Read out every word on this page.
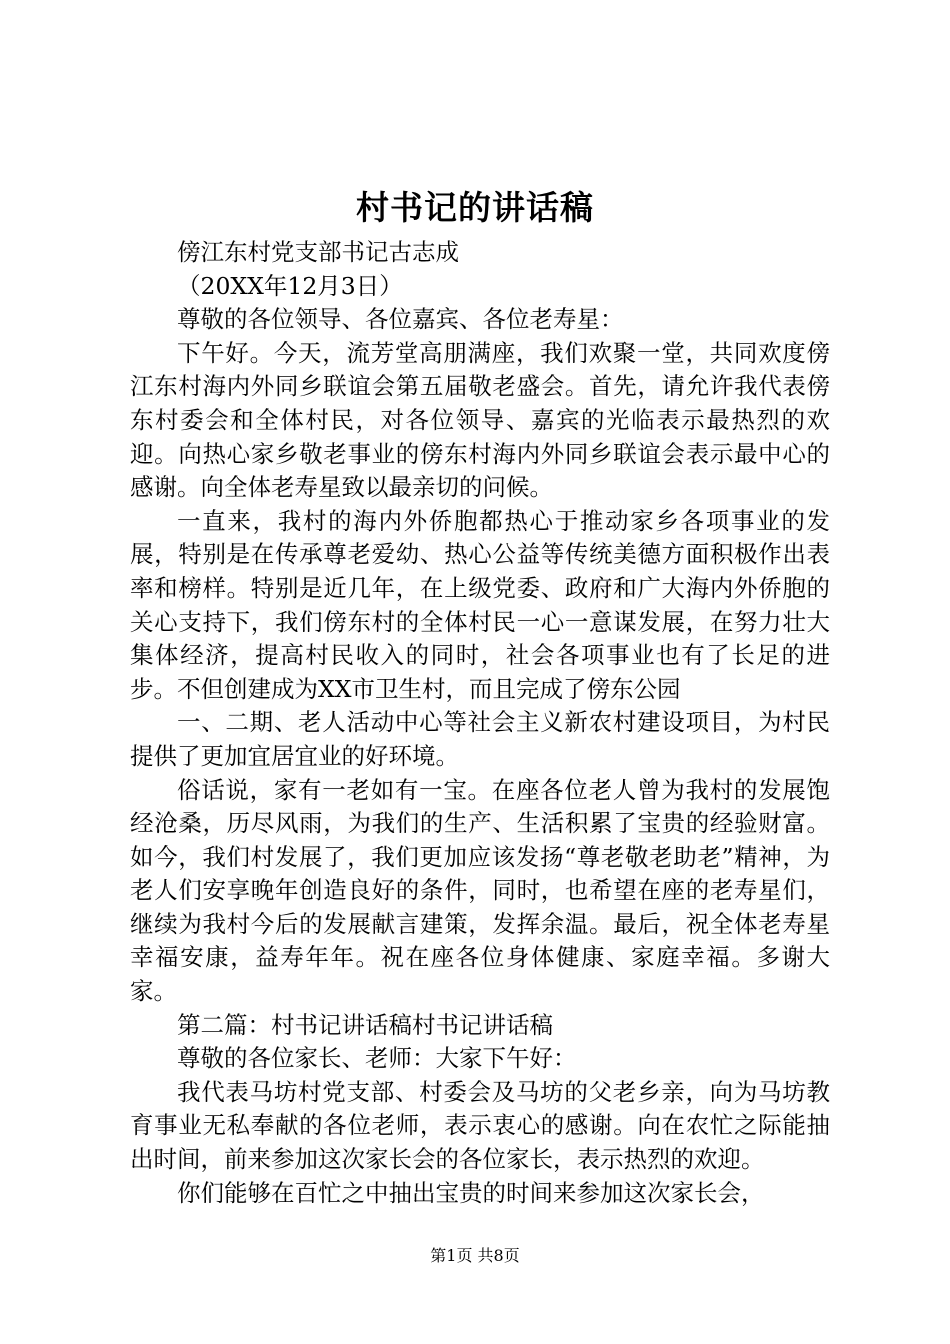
村书记的讲话稿

傍江东村党支部书记古志成

（20XX年12月3日）

尊敬的各位领导、各位嘉宾、各位老寿星：

下午好。今天，流芳堂高朋满座，我们欢聚一堂，共同欢度傍江东村海内外同乡联谊会第五届敬老盛会。首先，请允许我代表傍东村委会和全体村民，对各位领导、嘉宾的光临表示最热烈的欢迎。向热心家乡敬老事业的傍东村海内外同乡联谊会表示最中心的感谢。向全体老寿星致以最亲切的问候。

一直来，我村的海内外侨胞都热心于推动家乡各项事业的发展，特别是在传承尊老爱幼、热心公益等传统美德方面积极作出表率和榜样。特别是近几年，在上级党委、政府和广大海内外侨胞的关心支持下，我们傍东村的全体村民一心一意谋发展，在努力壮大集体经济，提高村民收入的同时，社会各项事业也有了长足的进步。不但创建成为XX市卫生村，而且完成了傍东公园

一、二期、老人活动中心等社会主义新农村建设项目，为村民提供了更加宜居宜业的好环境。

俗话说，家有一老如有一宝。在座各位老人曾为我村的发展饱经沧桑，历尽风雨，为我们的生产、生活积累了宝贵的经验财富。如今，我们村发展了，我们更加应该发扬“尊老敬老助老”精神，为老人们安享晚年创造良好的条件，同时，也希望在座的老寿星们，继续为我村今后的发展献言建策，发挥余温。最后，祝全体老寿星幸福安康，益寿年年。祝在座各位身体健康、家庭幸福。多谢大家。

第二篇：村书记讲话稿村书记讲话稿

尊敬的各位家长、老师：大家下午好：

我代表马坊村党支部、村委会及马坊的父老乡亲，向为马坊教育事业无私奉献的各位老师，表示衷心的感谢。向在农忙之际能抽出时间，前来参加这次家长会的各位家长，表示热烈的欢迎。

你们能够在百忙之中抽出宝贵的时间来参加这次家长会，

第1页 共8页
